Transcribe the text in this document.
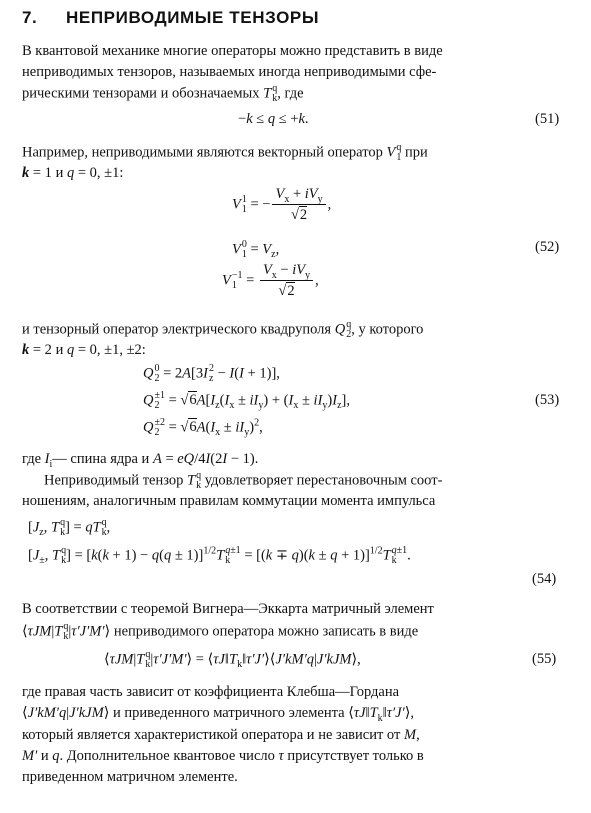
7. НЕПРИВОДИМЫЕ ТЕНЗОРЫ
В квантовой механике многие операторы можно представить в виде
неприводимых тензоров, называемых иногда неприводимыми сфе-
рическими тензорами и обозначаемых T q
k , где
−k ≤ q ≤ +k.	(51)
Например, неприводимыми являются векторный оператор V q
1 при
k = 1 и q = 0, ±1:
V 1
1 = − $\frac{V_x + iV_y}{√2}$ ,
V 0
$1 = V_z$,
V −1
$1 = \frac{V_x - iV_y}{√2}$ ,
(52)
и тензорный оператор электрического квадруполя Q q
2 , у которого
k = 2 и q = 0, ±1, ±2:
Q 0
2 = 2A[3I 2
z − I(I + 1)],
Q ±1
$2 = √6A[I_z(I_x \pm iI_y) + (I_x \pm iI_y)I_z]$,
Q ±2
$2 = √6A(I_x \pm iI_y)^2$,
(53)
где $I_i—$ спина ядра и A = eQ/4I(2I − 1).
Неприводимый тензор T q
k удовлетворяет перестановочным соот-
ношениям, аналогичным правилам коммутации момента импульса
[$J_z$, T q
k ] = qT q
k ,
[$J_\pm$, T q
k ] = $[k(k + 1) - q(q \pm 1)]^{1/2}T$ q±1
$k = [(k \mp q)(k \pm q + 1)]^{1/2}T$ q±1
k .
(54)
В соответствии с теоремой Вигнера—Эккарта матричный элемент
⟨τJM|T q
k |τ′J′M′⟩ неприводимого оператора можно записать в виде
⟨τJM|T q
k |τ′J′M′⟩ = $⟨\tau J‖T_k‖\tau'J'⟩⟨J'kM'q|J'kJM⟩$,	(55)
где правая часть зависит от коэффициента Клебша—Гордана
⟨J′kM′q|J′kJM⟩ и приведенного матричного элемента $⟨\tau J‖T_k‖\tau'J'⟩$,
который является характеристикой оператора и не зависит от M,
M′ и q. Дополнительное квантовое число τ присутствует только в
приведенном матричном элементе.
